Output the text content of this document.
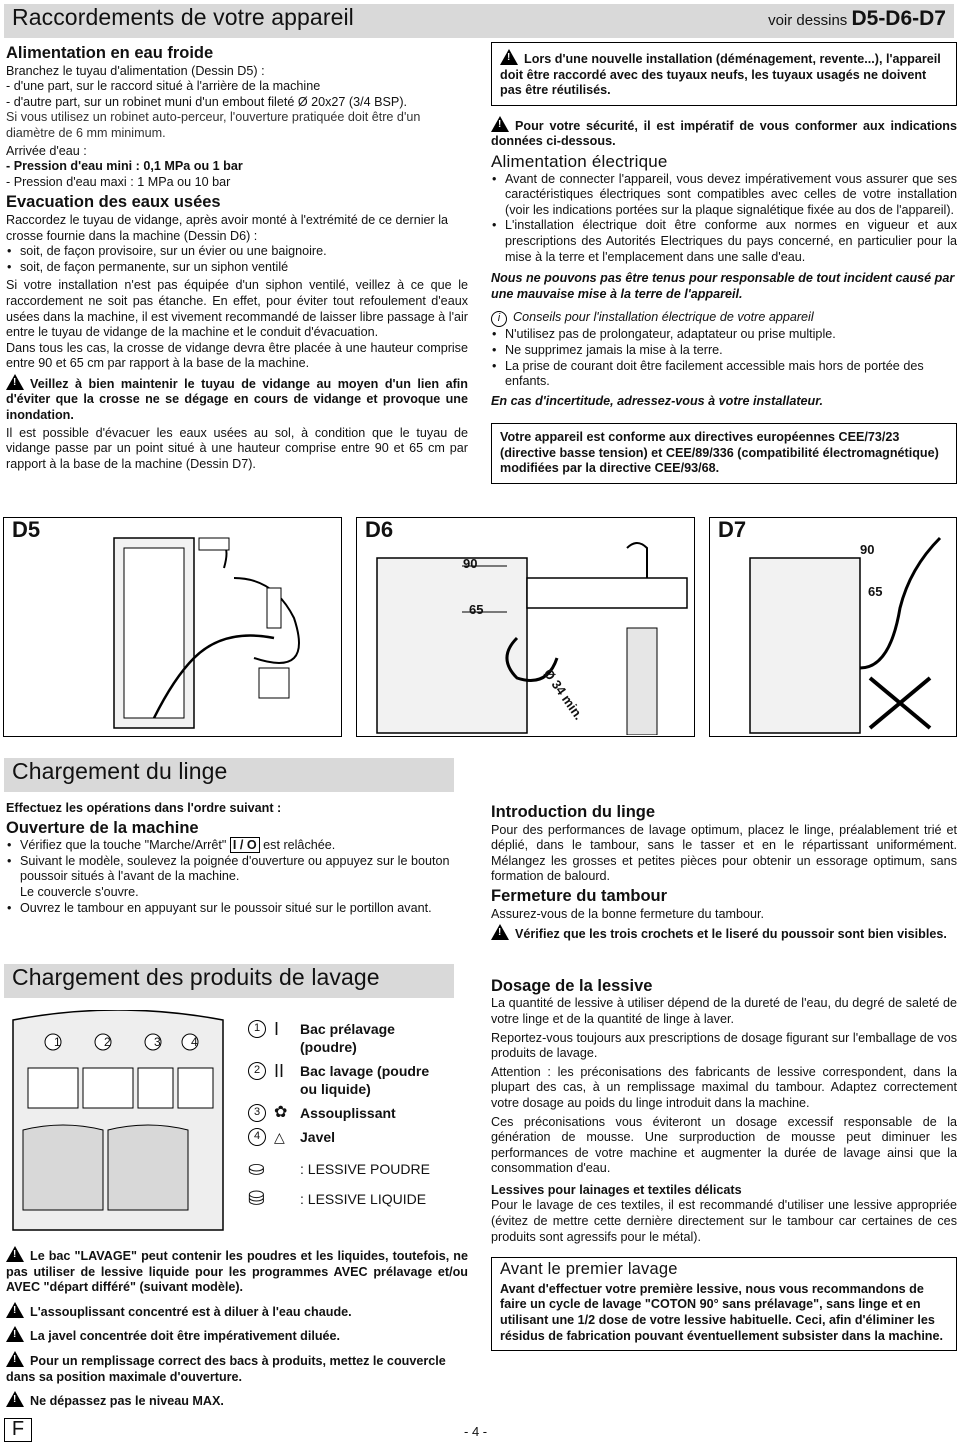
Raccordements de votre appareil	voir dessins D5-D6-D7
Alimentation en eau froide

Branchez le tuyau d'alimentation (Dessin D5) :

- d'une part, sur le raccord situé à l'arrière de la machine

- d'autre part, sur un robinet muni d'un embout fileté Ø 20x27 (3/4 BSP).

Si vous utilisez un robinet auto-perceur, l'ouverture pratiquée doit être d'un diamètre de 6 mm minimum.

Arrivée d'eau :

- Pression d'eau mini : 0,1 MPa ou 1 bar

- Pression d'eau maxi : 1 MPa ou 10 bar

Evacuation des eaux usées

Raccordez le tuyau de vidange, après avoir monté à l'extrémité de ce dernier la crosse fournie dans la machine (Dessin D6) :

• soit, de façon provisoire, sur un évier ou une baignoire.
• soit, de façon permanente, sur un siphon ventilé

Si votre installation n'est pas équipée d'un siphon ventilé, veillez à ce que le raccordement ne soit pas étanche. En effet, pour éviter tout refoulement d'eaux usées dans la machine, il est vivement recommandé de laisser libre passage à l'air entre le tuyau de vidange de la machine et le conduit d'évacuation.

Dans tous les cas, la crosse de vidange devra être placée à une hauteur comprise entre 90 et 65 cm par rapport à la base de la machine.

!Veillez à bien maintenir le tuyau de vidange au moyen d'un lien afin d'éviter que la crosse ne se dégage en cours de vidange et provoque une inondation.

Il est possible d'évacuer les eaux usées au sol, à condition que le tuyau de vidange passe par un point situé à une hauteur comprise entre 90 et 65 cm par rapport à la base de la machine (Dessin D7).

!Lors d'une nouvelle installation (déménagement, revente...), l'appareil doit être raccordé avec des tuyaux neufs, les tuyaux usagés ne doivent pas être réutilisés.

!Pour votre sécurité, il est impératif de vous conformer aux indications données ci-dessous.

Alimentation électrique
• Avant de connecter l'appareil, vous devez impérativement vous assurer que ses caractéristiques électriques sont compatibles avec celles de votre installation (voir les indications portées sur la plaque signalétique fixée au dos de l'appareil).
• L'installation électrique doit être conforme aux normes en vigueur et aux prescriptions des Autorités Electriques du pays concerné, en particulier pour la mise à la terre et l'emplacement dans une salle d'eau.

Nous ne pouvons pas être tenus pour responsable de tout incident causé par une mauvaise mise à la terre de l'appareil.

i Conseils pour l'installation électrique de votre appareil

• N'utilisez pas de prolongateur, adaptateur ou prise multiple.
• Ne supprimez jamais la mise à la terre.
• La prise de courant doit être facilement accessible mais hors de portée des enfants.

En cas d'incertitude, adressez-vous à votre installateur.

Votre appareil est conforme aux directives européennes CEE/73/23 (directive basse tension) et CEE/89/336 (compatibilité électromagnétique) modifiées par la directive CEE/93/68.
D5	D6
90
65
Ø 34 min.
D7
90
65
Chargement du linge

Effectuez les opérations dans l'ordre suivant :

Ouverture de la machine
• Vérifiez que la touche "Marche/Arrêt" I / O est relâchée.
• Suivant le modèle, soulevez la poignée d'ouverture ou appuyez sur le bouton poussoir situés à l'avant de la machine.
Le couvercle s'ouvre.
• Ouvrez le tambour en appuyant sur le poussoir situé sur le portillon avant.
Chargement des produits de lavage
1	2	3	4
1 I	Bac prélavage (poudre)
2 II	Bac lavage (poudre ou liquide)
3 ✿ Assouplissant
4 △	Javel
⛀	: LESSIVE POUDRE
⛁	: LESSIVE LIQUIDE

!Le bac "LAVAGE" peut contenir les poudres et les liquides, toutefois, ne pas utiliser de lessive liquide pour les programmes AVEC prélavage et/ou AVEC "départ différé" (suivant modèle).

!L'assouplissant concentré est à diluer à l'eau chaude.

!La javel concentrée doit être impérativement diluée.

!Pour un remplissage correct des bacs à produits, mettez le couvercle dans sa position maximale d'ouverture.

!Ne dépassez pas le niveau MAX.

Introduction du linge

Pour des performances de lavage optimum, placez le linge, préalablement trié et déplié, dans le tambour, sans le tasser et en le répartissant uniformément. Mélangez les grosses et petites pièces pour obtenir un essorage optimum, sans formation de balourd.

Fermeture du tambour

Assurez-vous de la bonne fermeture du tambour.

!Vérifiez que les trois crochets et le liseré du poussoir sont bien visibles.

Dosage de la lessive

La quantité de lessive à utiliser dépend de la dureté de l'eau, du degré de saleté de votre linge et de la quantité de linge à laver.

Reportez-vous toujours aux prescriptions de dosage figurant sur l'emballage de vos produits de lavage.

Attention : les préconisations des fabricants de lessive correspondent, dans la plupart des cas, à un remplissage maximal du tambour. Adaptez correctement votre dosage au poids du linge introduit dans la machine.

Ces préconisations vous éviteront un dosage excessif responsable de la génération de mousse. Une surproduction de mousse peut diminuer les performances de votre machine et augmenter la durée de lavage ainsi que la consommation d'eau.

Lessives pour lainages et textiles délicats

Pour le lavage de ces textiles, il est recommandé d'utiliser une lessive appropriée (évitez de mettre cette dernière directement sur le tambour car certaines de ces produits sont agressifs pour le métal).

Avant le premier lavage

Avant d'effectuer votre première lessive, nous vous recommandons de faire un cycle de lavage "COTON 90° sans prélavage", sans linge et en utilisant une 1/2 dose de votre lessive habituelle. Ceci, afin d'éliminer les résidus de fabrication pouvant éventuellement subsister dans la machine.

F	- 4 -
